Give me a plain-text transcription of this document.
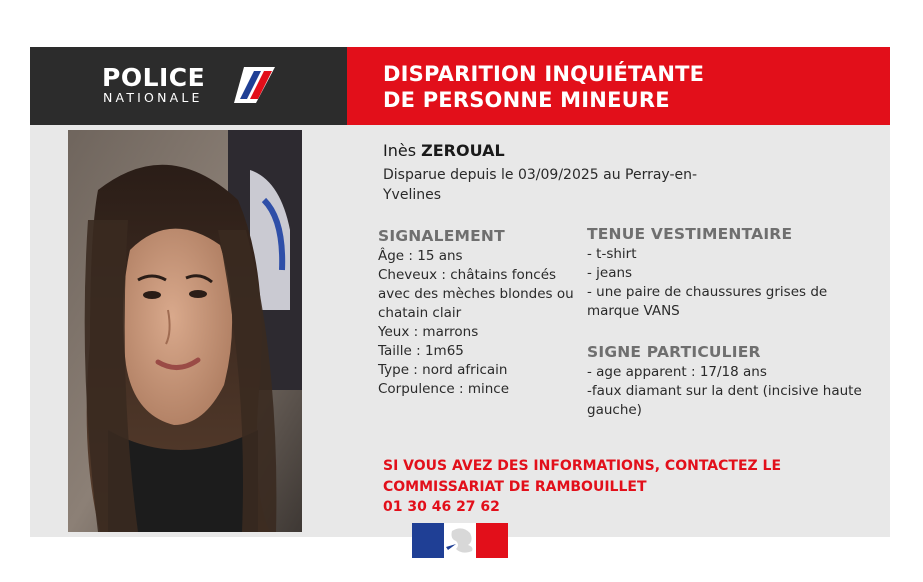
POLICE
NATIONALE
DISPARITION INQUIÉTANTE
DE PERSONNE MINEURE
Inès ZEROUAL
Disparue depuis le 03/09/2025 au Perray-en-
Yvelines
SIGNALEMENT
Âge : 15 ans
Cheveux : châtains foncés
avec des mèches blondes ou
chatain clair
Yeux : marrons
Taille : 1m65
Type : nord africain
Corpulence : mince
TENUE VESTIMENTAIRE
- t-shirt
- jeans
- une paire de chaussures grises de
marque VANS
SIGNE PARTICULIER
- age apparent : 17/18 ans
-faux diamant sur la dent (incisive haute
gauche)
SI VOUS AVEZ DES INFORMATIONS, CONTACTEZ LE
COMMISSARIAT DE RAMBOUILLET
01 30 46 27 62
